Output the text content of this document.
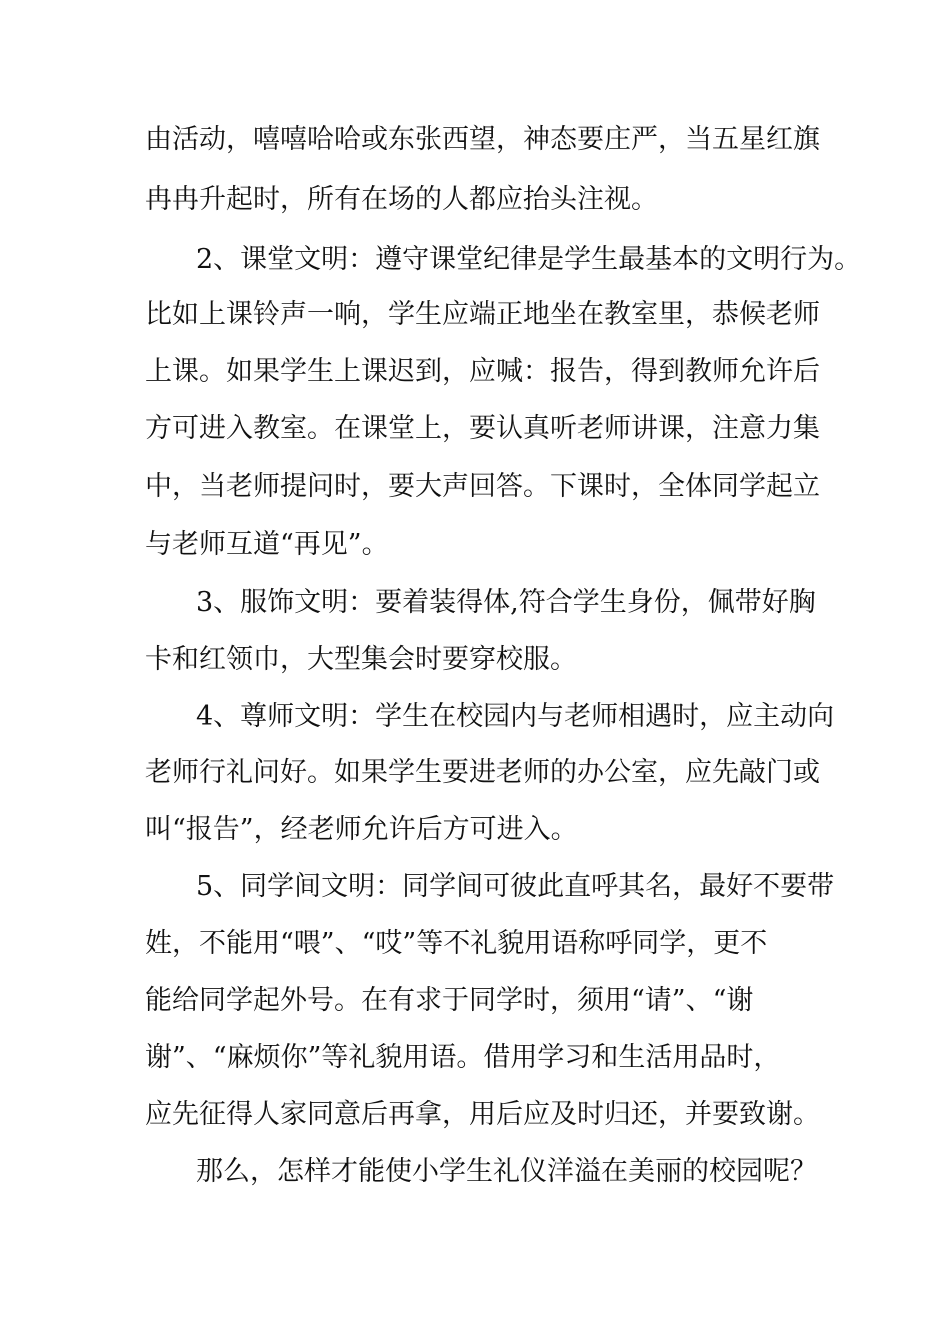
由活动，嘻嘻哈哈或东张西望，神态要庄严，当五星红旗
冉冉升起时，所有在场的人都应抬头注视。
2、课堂文明：遵守课堂纪律是学生最基本的文明行为。
比如上课铃声一响，学生应端正地坐在教室里，恭候老师
上课。如果学生上课迟到，应喊：报告，得到教师允许后
方可进入教室。在课堂上，要认真听老师讲课，注意力集
中，当老师提问时，要大声回答。下课时，全体同学起立
与老师互道“再见”。
3、服饰文明：要着装得体,符合学生身份，佩带好胸
卡和红领巾，大型集会时要穿校服。
4、尊师文明：学生在校园内与老师相遇时，应主动向
老师行礼问好。如果学生要进老师的办公室，应先敲门或
叫“报告”，经老师允许后方可进入。
5、同学间文明：同学间可彼此直呼其名，最好不要带
姓，不能用“喂”、“哎”等不礼貌用语称呼同学，更不
能给同学起外号。在有求于同学时，须用“请”、“谢
谢”、“麻烦你”等礼貌用语。借用学习和生活用品时，
应先征得人家同意后再拿，用后应及时归还，并要致谢。
那么，怎样才能使小学生礼仪洋溢在美丽的校园呢？
